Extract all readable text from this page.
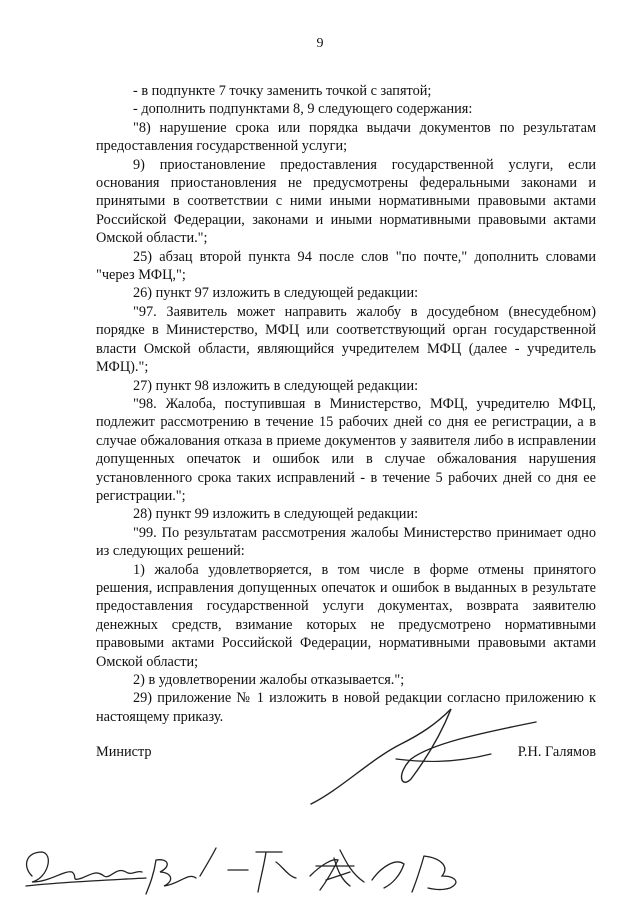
9

- в подпункте 7 точку заменить точкой с запятой;

- дополнить подпунктами 8, 9 следующего содержания:

"8) нарушение срока или порядка выдачи документов по результатам предоставления государственной услуги;

9) приостановление предоставления государственной услуги, если основания приостановления не предусмотрены федеральными законами и принятыми в соответствии с ними иными нормативными правовыми актами Российской Федерации, законами и иными нормативными правовыми актами Омской области.";

25) абзац второй пункта 94 после слов "по почте," дополнить словами "через МФЦ,";

26) пункт 97 изложить в следующей редакции:

"97. Заявитель может направить жалобу в досудебном (внесудебном) порядке в Министерство, МФЦ или соответствующий орган государственной власти Омской области, являющийся учредителем МФЦ (далее - учредитель МФЦ).";

27) пункт 98 изложить в следующей редакции:

"98. Жалоба, поступившая в Министерство, МФЦ, учредителю МФЦ, подлежит рассмотрению в течение 15 рабочих дней со дня ее регистрации, а в случае обжалования отказа в приеме документов у заявителя либо в исправлении допущенных опечаток и ошибок или в случае обжалования нарушения установленного срока таких исправлений - в течение 5 рабочих дней со дня ее регистрации.";

28) пункт 99 изложить в следующей редакции:

"99. По результатам рассмотрения жалобы Министерство принимает одно из следующих решений:

1) жалоба удовлетворяется, в том числе в форме отмены принятого решения, исправления допущенных опечаток и ошибок в выданных в результате предоставления государственной услуги документах, возврата заявителю денежных средств, взимание которых не предусмотрено нормативными правовыми актами Российской Федерации, нормативными правовыми актами Омской области;

2) в удовлетворении жалобы отказывается.";

29) приложение № 1 изложить в новой редакции согласно приложению к настоящему приказу.

Министр	Р.Н. Галямов
